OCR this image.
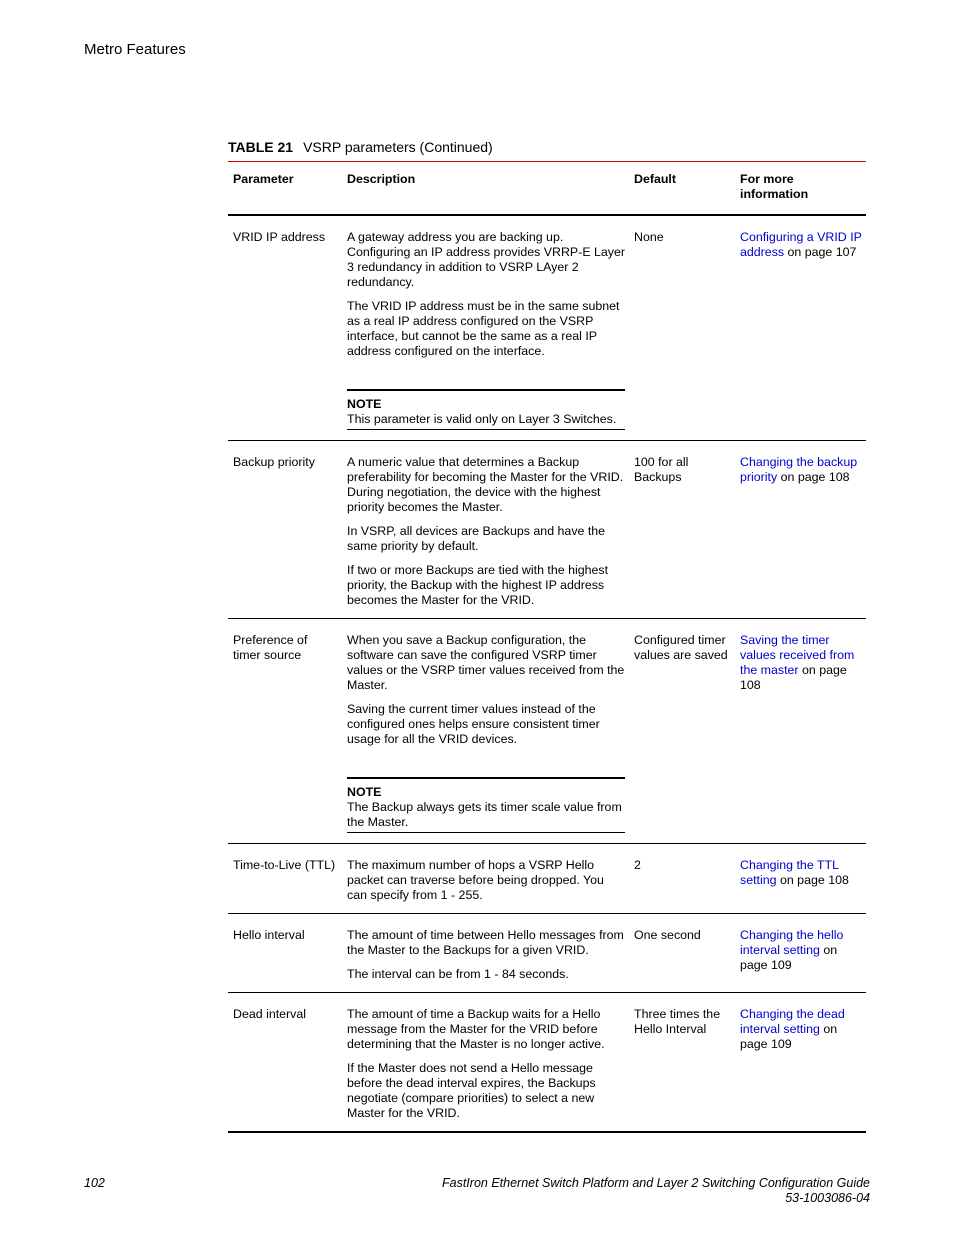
Metro Features
TABLE 21 VSRP parameters (Continued)
Parameter	Description	Default	For more information
VRID IP address	A gateway address you are backing up. Configuring an IP address provides VRRP-E Layer 3 redundancy in addition to VSRP LAyer 2 redundancy.

The VRID IP address must be in the same subnet as a real IP address configured on the VSRP interface, but cannot be the same as a real IP address configured on the interface.

NOTE
This parameter is valid only on Layer 3 Switches.	None	Configuring a VRID IP address on page 107
Backup priority	A numeric value that determines a Backup preferability for becoming the Master for the VRID. During negotiation, the device with the highest priority becomes the Master.

In VSRP, all devices are Backups and have the same priority by default.

If two or more Backups are tied with the highest priority, the Backup with the highest IP address becomes the Master for the VRID.	100 for all Backups	Changing the backup priority on page 108
Preference of timer source	When you save a Backup configuration, the software can save the configured VSRP timer values or the VSRP timer values received from the Master.

Saving the current timer values instead of the configured ones helps ensure consistent timer usage for all the VRID devices.

NOTE
The Backup always gets its timer scale value from the Master.	Configured timer values are saved	Saving the timer values received from the master on page 108
Time-to-Live (TTL)	The maximum number of hops a VSRP Hello packet can traverse before being dropped. You can specify from 1 - 255.	2	Changing the TTL setting on page 108
Hello interval	The amount of time between Hello messages from the Master to the Backups for a given VRID.

The interval can be from 1 - 84 seconds.	One second	Changing the hello interval setting on page 109
Dead interval	The amount of time a Backup waits for a Hello message from the Master for the VRID before determining that the Master is no longer active.

If the Master does not send a Hello message before the dead interval expires, the Backups negotiate (compare priorities) to select a new Master for the VRID.	Three times the Hello Interval	Changing the dead interval setting on page 109
102	FastIron Ethernet Switch Platform and Layer 2 Switching Configuration Guide
53-1003086-04
